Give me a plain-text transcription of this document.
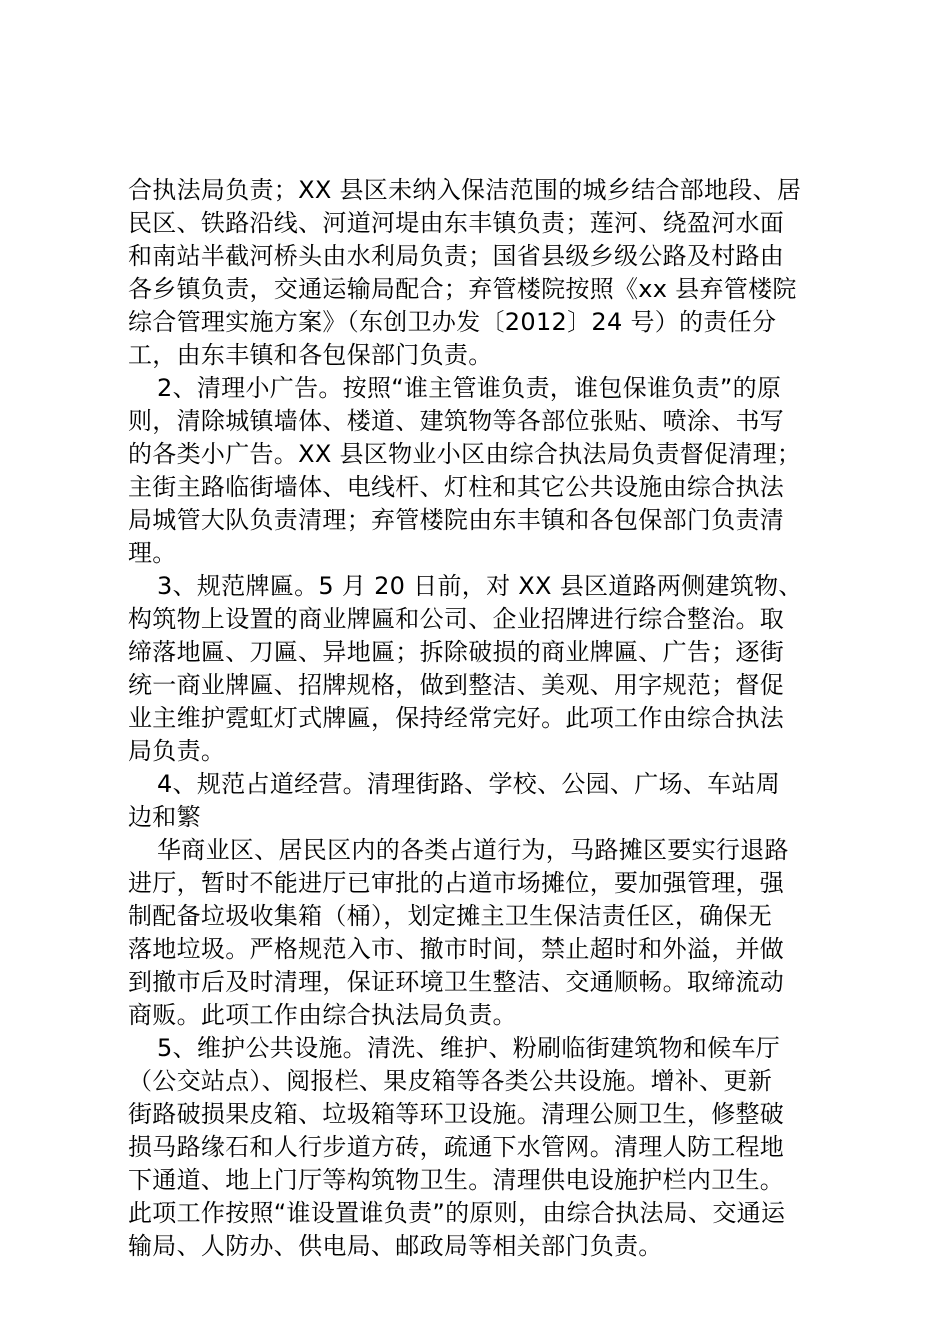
合执法局负责；XX 县区未纳入保洁范围的城乡结合部地段、居
民区、铁路沿线、河道河堤由东丰镇负责；莲河、绕盈河水面
和南站半截河桥头由水利局负责；国省县级乡级公路及村路由
各乡镇负责，交通运输局配合；弃管楼院按照《xx 县弃管楼院
综合管理实施方案》（东创卫办发〔2012〕24 号）的责任分
工，由东丰镇和各包保部门负责。
2、清理小广告。按照“谁主管谁负责，谁包保谁负责”的原
则，清除城镇墙体、楼道、建筑物等各部位张贴、喷涂、书写
的各类小广告。XX 县区物业小区由综合执法局负责督促清理；
主街主路临街墙体、电线杆、灯柱和其它公共设施由综合执法
局城管大队负责清理；弃管楼院由东丰镇和各包保部门负责清
理。
3、规范牌匾。5 月 20 日前，对 XX 县区道路两侧建筑物、
构筑物上设置的商业牌匾和公司、企业招牌进行综合整治。取
缔落地匾、刀匾、异地匾；拆除破损的商业牌匾、广告；逐街
统一商业牌匾、招牌规格，做到整洁、美观、用字规范；督促
业主维护霓虹灯式牌匾，保持经常完好。此项工作由综合执法
局负责。
4、规范占道经营。清理街路、学校、公园、广场、车站周
边和繁
华商业区、居民区内的各类占道行为，马路摊区要实行退路
进厅，暂时不能进厅已审批的占道市场摊位，要加强管理，强
制配备垃圾收集箱（桶），划定摊主卫生保洁责任区，确保无
落地垃圾。严格规范入市、撤市时间，禁止超时和外溢，并做
到撤市后及时清理，保证环境卫生整洁、交通顺畅。取缔流动
商贩。此项工作由综合执法局负责。
5、维护公共设施。清洗、维护、粉刷临街建筑物和候车厅
（公交站点）、阅报栏、果皮箱等各类公共设施。增补、更新
街路破损果皮箱、垃圾箱等环卫设施。清理公厕卫生，修整破
损马路缘石和人行步道方砖，疏通下水管网。清理人防工程地
下通道、地上门厅等构筑物卫生。清理供电设施护栏内卫生。
此项工作按照“谁设置谁负责”的原则，由综合执法局、交通运
输局、人防办、供电局、邮政局等相关部门负责。
